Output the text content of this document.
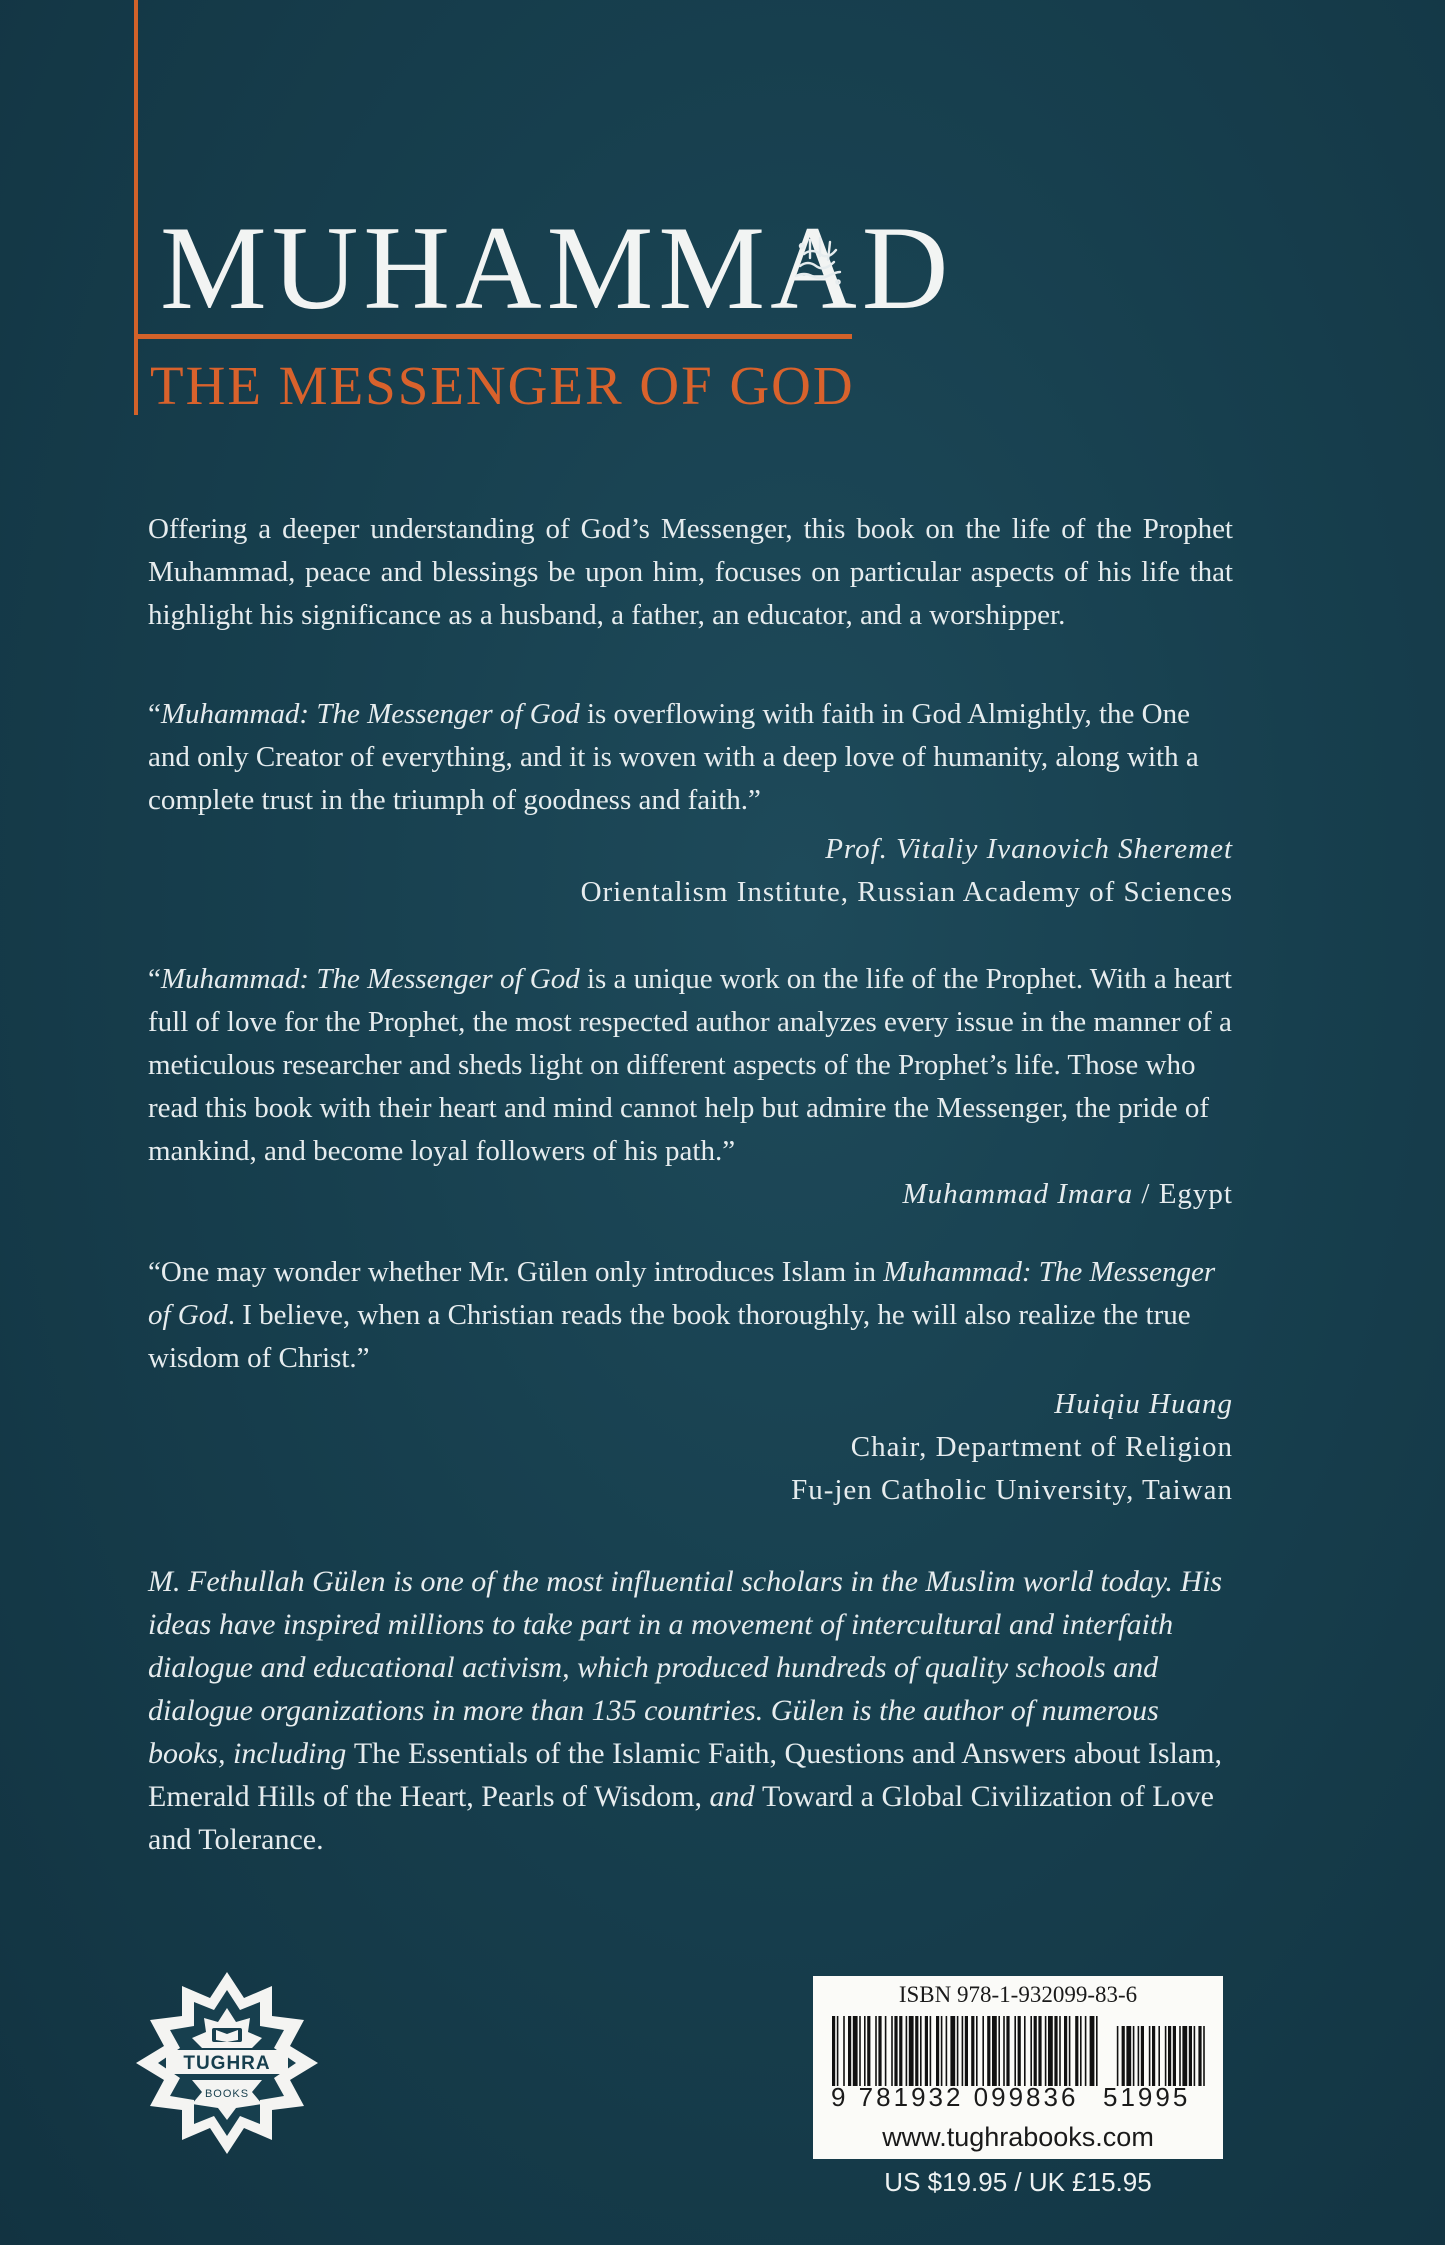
MUHAMMAD
THE MESSENGER OF GOD

Offering a deeper understanding of God’s Messenger, this book on the life of the Prophet Muhammad, peace and blessings be upon him, focuses on particular aspects of his life that highlight his significance as a husband, a father, an educator, and a worshipper.

“Muhammad: The Messenger of God is overflowing with faith in God Almightly, the One and only Creator of everything, and it is woven with a deep love of humanity, along with a complete trust in the triumph of goodness and faith.”

Prof. Vitaliy Ivanovich Sheremet
Orientalism Institute, Russian Academy of Sciences

“Muhammad: The Messenger of God is a unique work on the life of the Prophet. With a heart full of love for the Prophet, the most respected author analyzes every issue in the manner of a meticulous researcher and sheds light on different aspects of the Prophet’s life. Those who read this book with their heart and mind cannot help but admire the Messenger, the pride of mankind, and become loyal followers of his path.”

Muhammad Imara / Egypt

“One may wonder whether Mr. Gülen only introduces Islam in Muhammad: The Messenger of God. I believe, when a Christian reads the book thoroughly, he will also realize the true wisdom of Christ.”

Huiqiu Huang
Chair, Department of Religion
Fu-jen Catholic University, Taiwan

M. Fethullah Gülen is one of the most influential scholars in the Muslim world today. His ideas have inspired millions to take part in a movement of intercultural and interfaith dialogue and educational activism, which produced hundreds of quality schools and dialogue organizations in more than 135 countries. Gülen is the author of numerous books, including The Essentials of the Islamic Faith, Questions and Answers about Islam, Emerald Hills of the Heart, Pearls of Wisdom, and Toward a Global Civilization of Love and Tolerance.

TUGHRA
BOOKS
ISBN 978-1-932099-83-6
9 781932 099836 51995
www.tughrabooks.com
US $19.95 / UK £15.95
